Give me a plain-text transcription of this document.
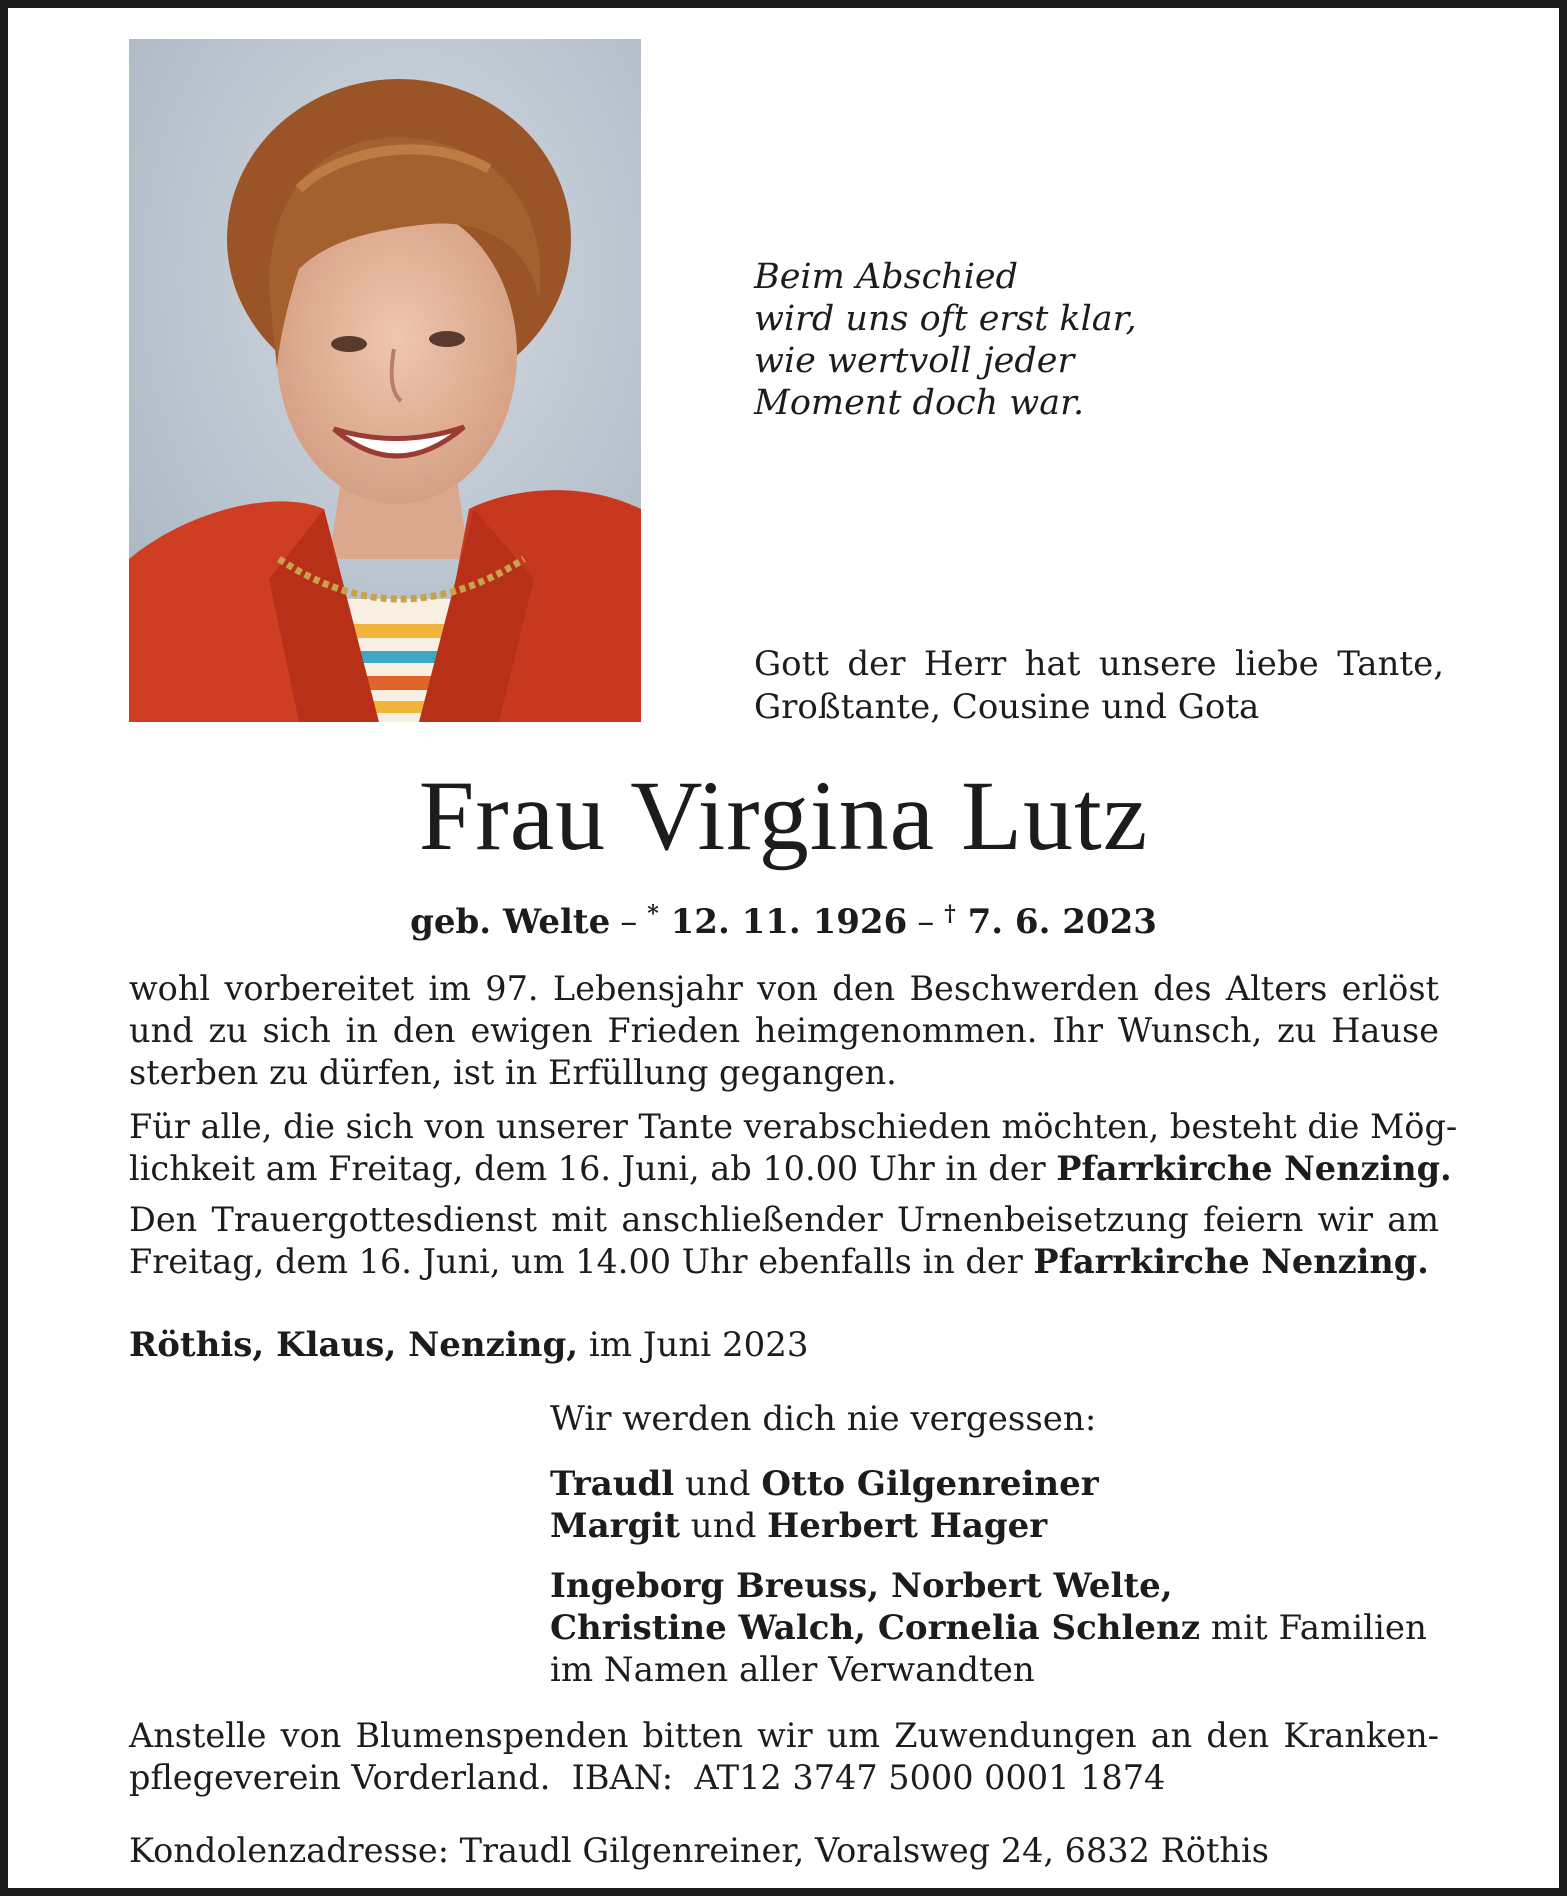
Beim Abschied
wird uns oft erst klar,
wie wertvoll jeder
Moment doch war.
Gott der Herr hat unsere liebe Tante,
Großtante, Cousine und Gota
Frau Virgina Lutz
geb. Welte – * 12. 11. 1926 – † 7. 6. 2023
wohl vorbereitet im 97. Lebensjahr von den Beschwerden des Alters erlöst
und zu sich in den ewigen Frieden heimgenommen. Ihr Wunsch, zu Hause
sterben zu dürfen, ist in Erfüllung gegangen.
Für alle, die sich von unserer Tante verabschieden möchten, besteht die Mög-
lichkeit am Freitag, dem 16. Juni, ab 10.00 Uhr in der Pfarrkirche Nenzing.
Den Trauergottesdienst mit anschließender Urnenbeisetzung feiern wir am
Freitag, dem 16. Juni, um 14.00 Uhr ebenfalls in der Pfarrkirche Nenzing.
Röthis, Klaus, Nenzing, im Juni 2023
Wir werden dich nie vergessen:
Traudl und Otto Gilgenreiner
Margit und Herbert Hager
Ingeborg Breuss, Norbert Welte,
Christine Walch, Cornelia Schlenz mit Familien
im Namen aller Verwandten
Anstelle von Blumenspenden bitten wir um Zuwendungen an den Kranken-
pflegeverein Vorderland.  IBAN:  AT12 3747 5000 0001 1874
Kondolenzadresse: Traudl Gilgenreiner, Voralsweg 24, 6832 Röthis
